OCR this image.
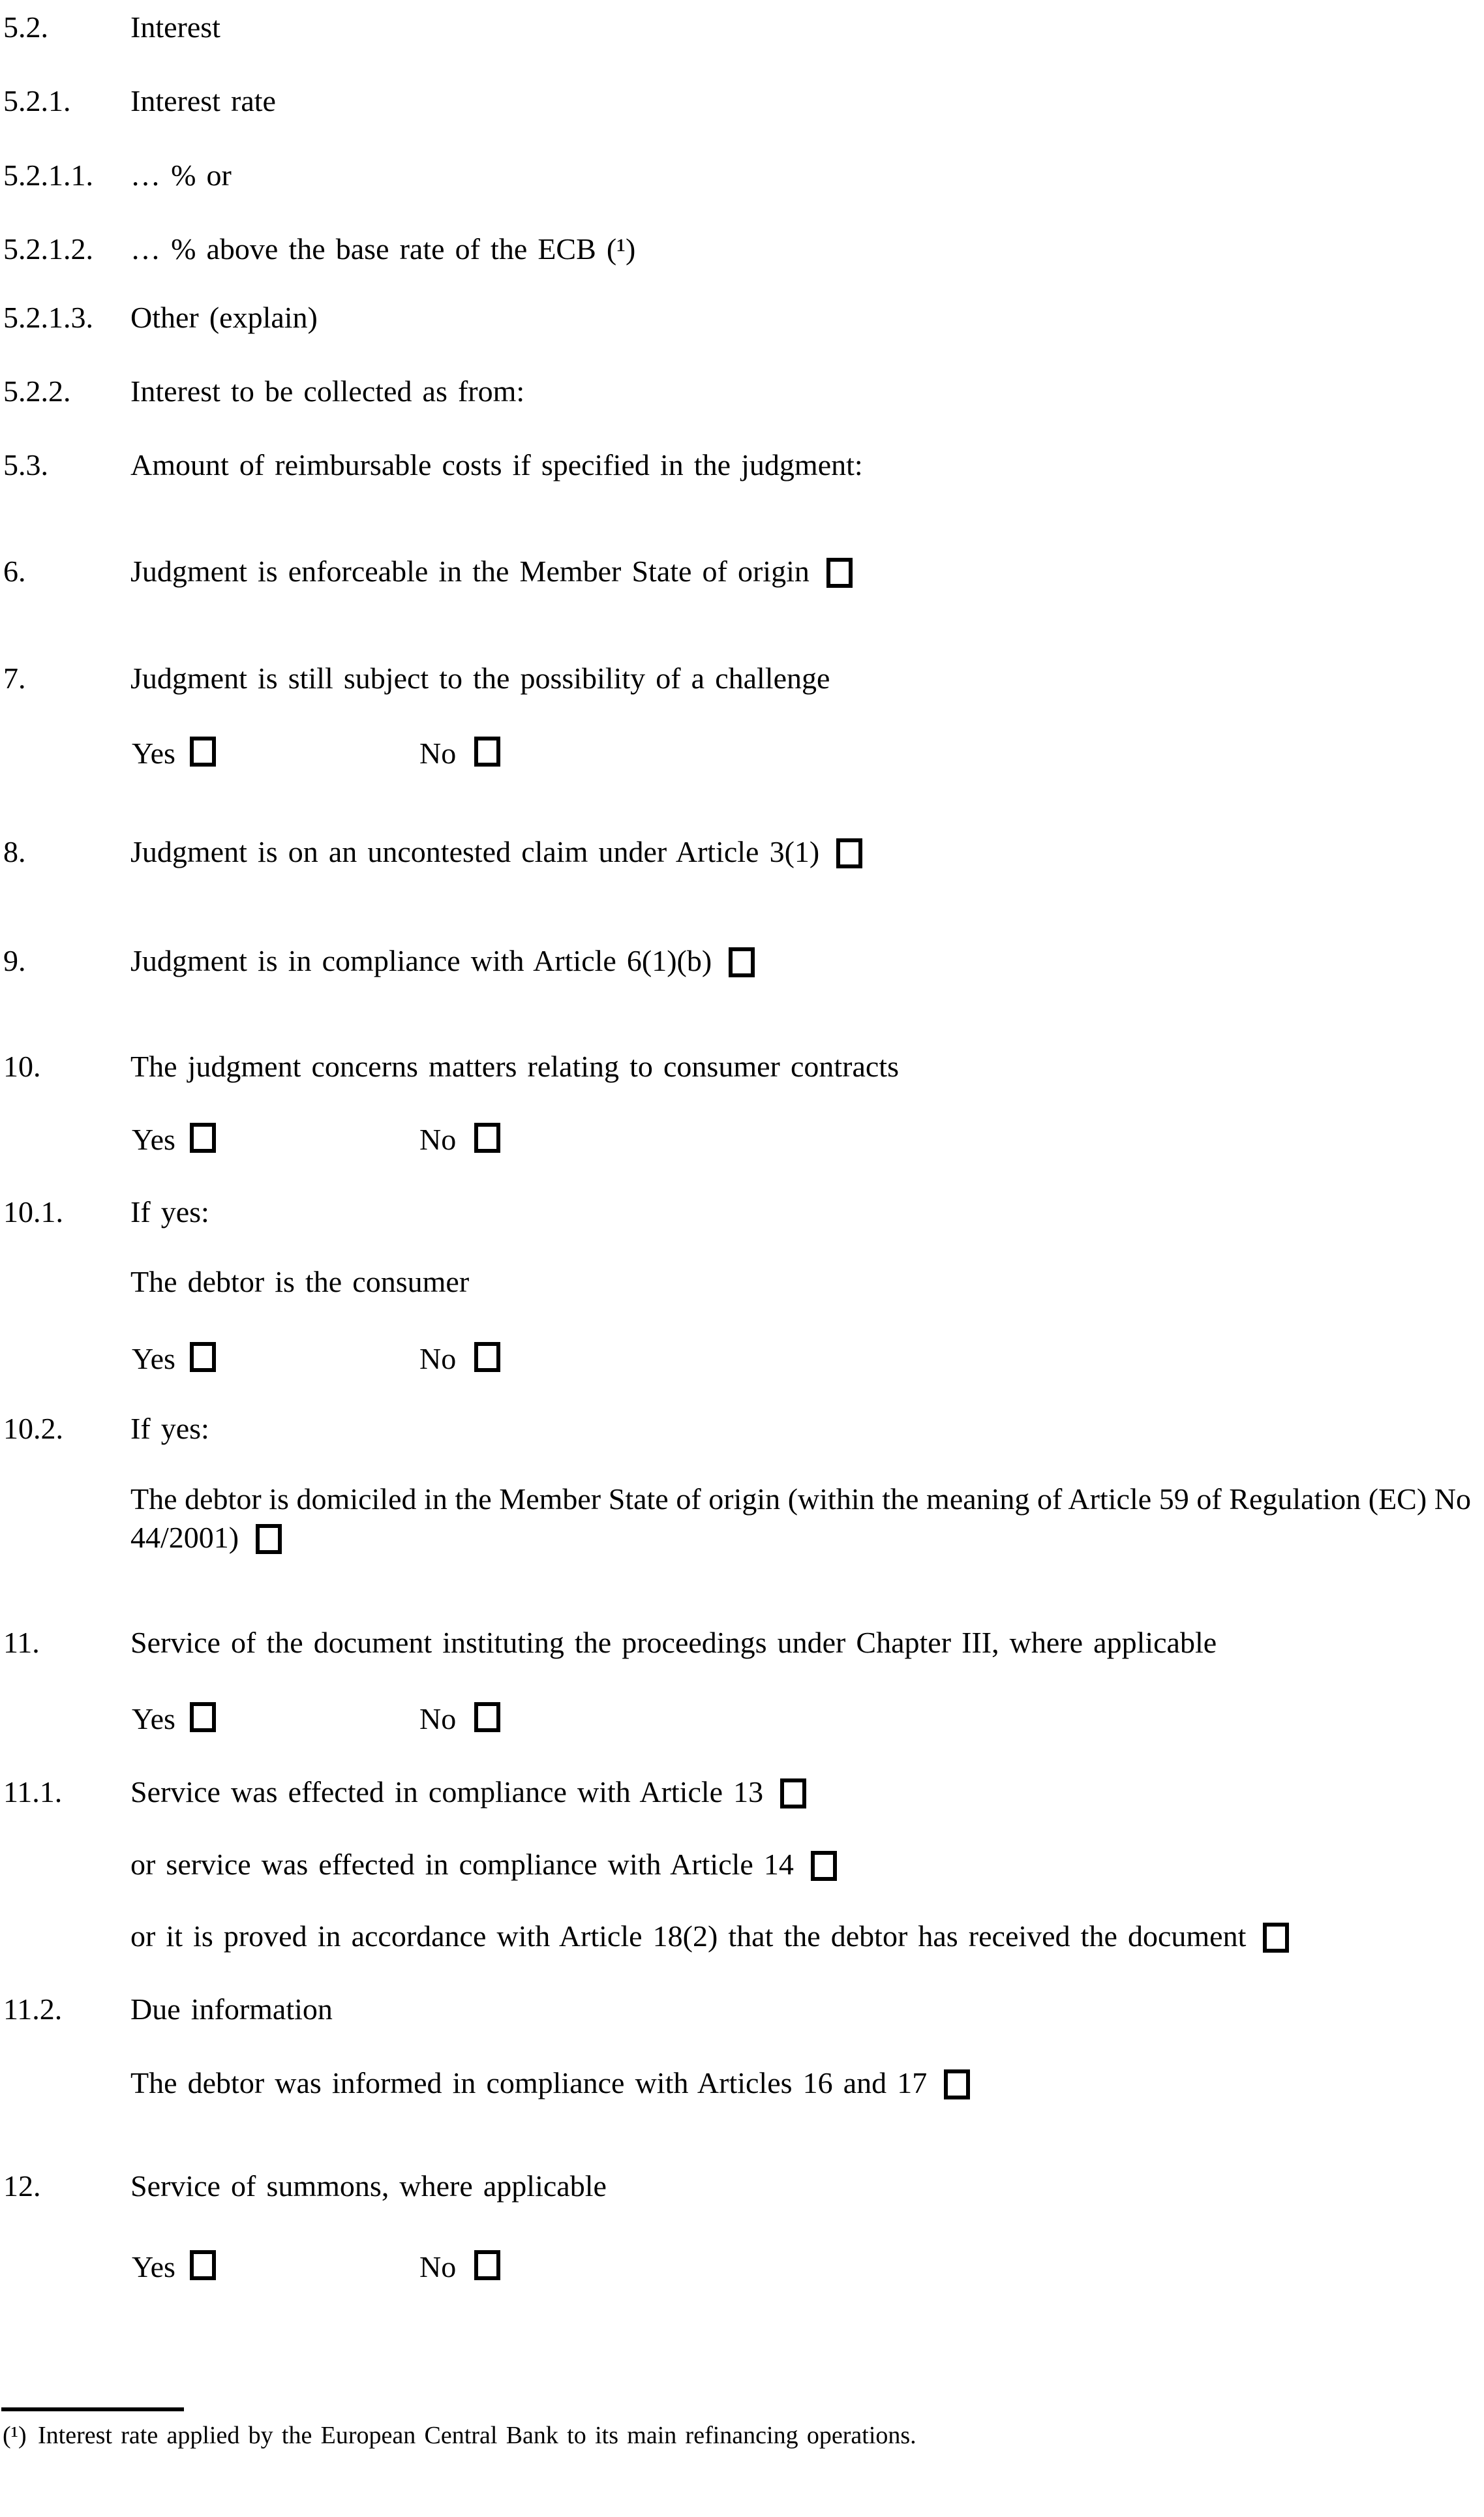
5.2.	Interest
5.2.1.	Interest rate
5.2.1.1.	… % or
5.2.1.2.	… % above the base rate of the ECB (¹)
5.2.1.3.	Other (explain)
5.2.2.	Interest to be collected as from:
5.3.	Amount of reimbursable costs if specified in the judgment:
6.	Judgment is enforceable in the Member State of origin
7.	Judgment is still subject to the possibility of a challenge
Yes	No
8.	Judgment is on an uncontested claim under Article 3(1)
9.	Judgment is in compliance with Article 6(1)(b)
10.	The judgment concerns matters relating to consumer contracts
Yes	No
10.1.	If yes:
The debtor is the consumer
Yes	No
10.2.	If yes:
The debtor is domiciled in the Member State of origin (within the meaning of Article 59 of Regulation (EC) No 44/2001)
11.	Service of the document instituting the proceedings under Chapter III, where applicable
Yes	No
11.1.	Service was effected in compliance with Article 13
or service was effected in compliance with Article 14
or it is proved in accordance with Article 18(2) that the debtor has received the document
11.2.	Due information
The debtor was informed in compliance with Articles 16 and 17
12.	Service of summons, where applicable
Yes	No
(¹) Interest rate applied by the European Central Bank to its main refinancing operations.
